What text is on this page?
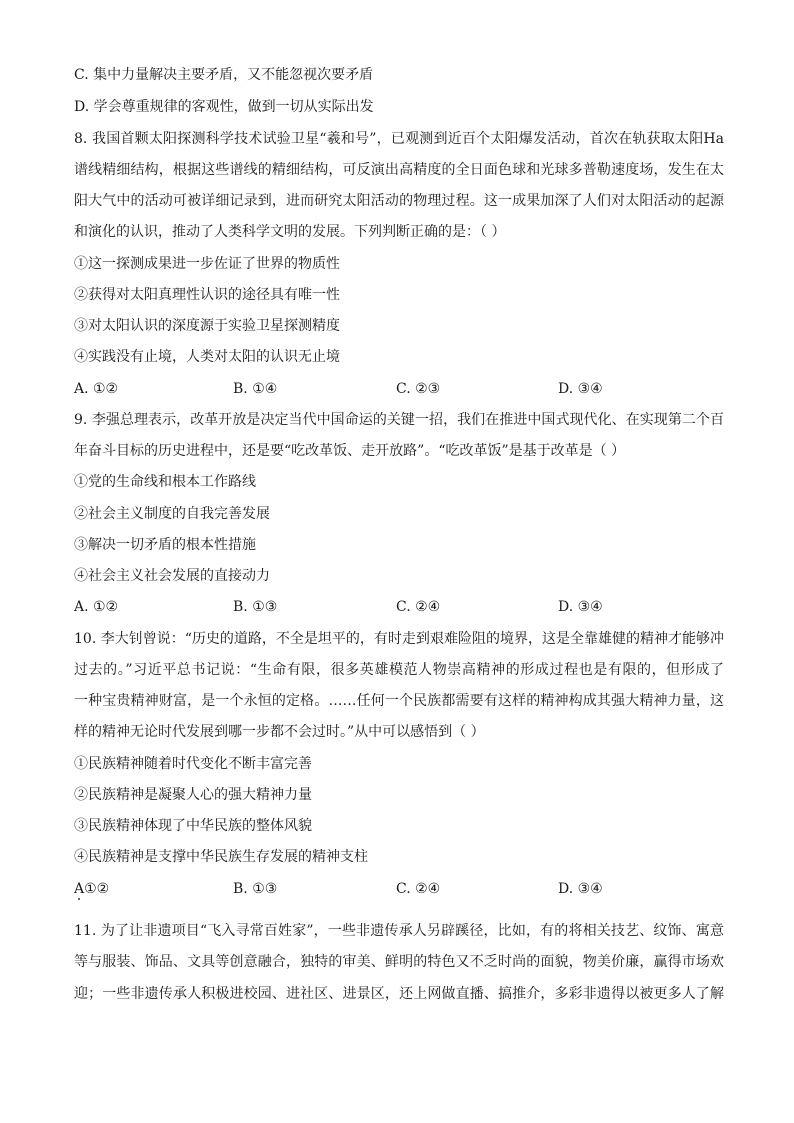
C. 集中力量解决主要矛盾，又不能忽视次要矛盾
D. 学会尊重规律的客观性，做到一切从实际出发
8. 我国首颗太阳探测科学技术试验卫星“羲和号”，已观测到近百个太阳爆发活动，首次在轨获取太阳Ha
谱线精细结构，根据这些谱线的精细结构，可反演出高精度的全日面色球和光球多普勒速度场，发生在太
阳大气中的活动可被详细记录到，进而研究太阳活动的物理过程。这一成果加深了人们对太阳活动的起源
和演化的认识，推动了人类科学文明的发展。下列判断正确的是：（ ）
①这一探测成果进一步佐证了世界的物质性
②获得对太阳真理性认识的途径具有唯一性
③对太阳认识的深度源于实验卫星探测精度
④实践没有止境，人类对太阳的认识无止境
A. ①②	B. ①④	C. ②③	D. ③④
9. 李强总理表示，改革开放是决定当代中国命运的关键一招，我们在推进中国式现代化、在实现第二个百
年奋斗目标的历史进程中，还是要“吃改革饭、走开放路”。“吃改革饭”是基于改革是（ ）
①党的生命线和根本工作路线
②社会主义制度的自我完善发展
③解决一切矛盾的根本性措施
④社会主义社会发展的直接动力
A. ①②	B. ①③	C. ②④	D. ③④
10. 李大钊曾说：“历史的道路，不全是坦平的，有时走到艰难险阻的境界，这是全靠雄健的精神才能够冲
过去的。”习近平总书记说：“生命有限，很多英雄模范人物崇高精神的形成过程也是有限的，但形成了
一种宝贵精神财富，是一个永恒的定格。……任何一个民族都需要有这样的精神构成其强大精神力量，这
样的精神无论时代发展到哪一步都不会过时。”从中可以感悟到（ ）
①民族精神随着时代变化不断丰富完善
②民族精神是凝聚人心的强大精神力量
③民族精神体现了中华民族的整体风貌
④民族精神是支撑中华民族生存发展的精神支柱
A①②	B. ①③	C. ②④	D. ③④
11. 为了让非遗项目“飞入寻常百姓家”，一些非遗传承人另辟蹊径，比如，有的将相关技艺、纹饰、寓意
等与服装、饰品、文具等创意融合，独特的审美、鲜明的特色又不乏时尚的面貌，物美价廉，赢得市场欢
迎；一些非遗传承人积极进校园、进社区、进景区，还上网做直播、搞推介，多彩非遗得以被更多人了解
